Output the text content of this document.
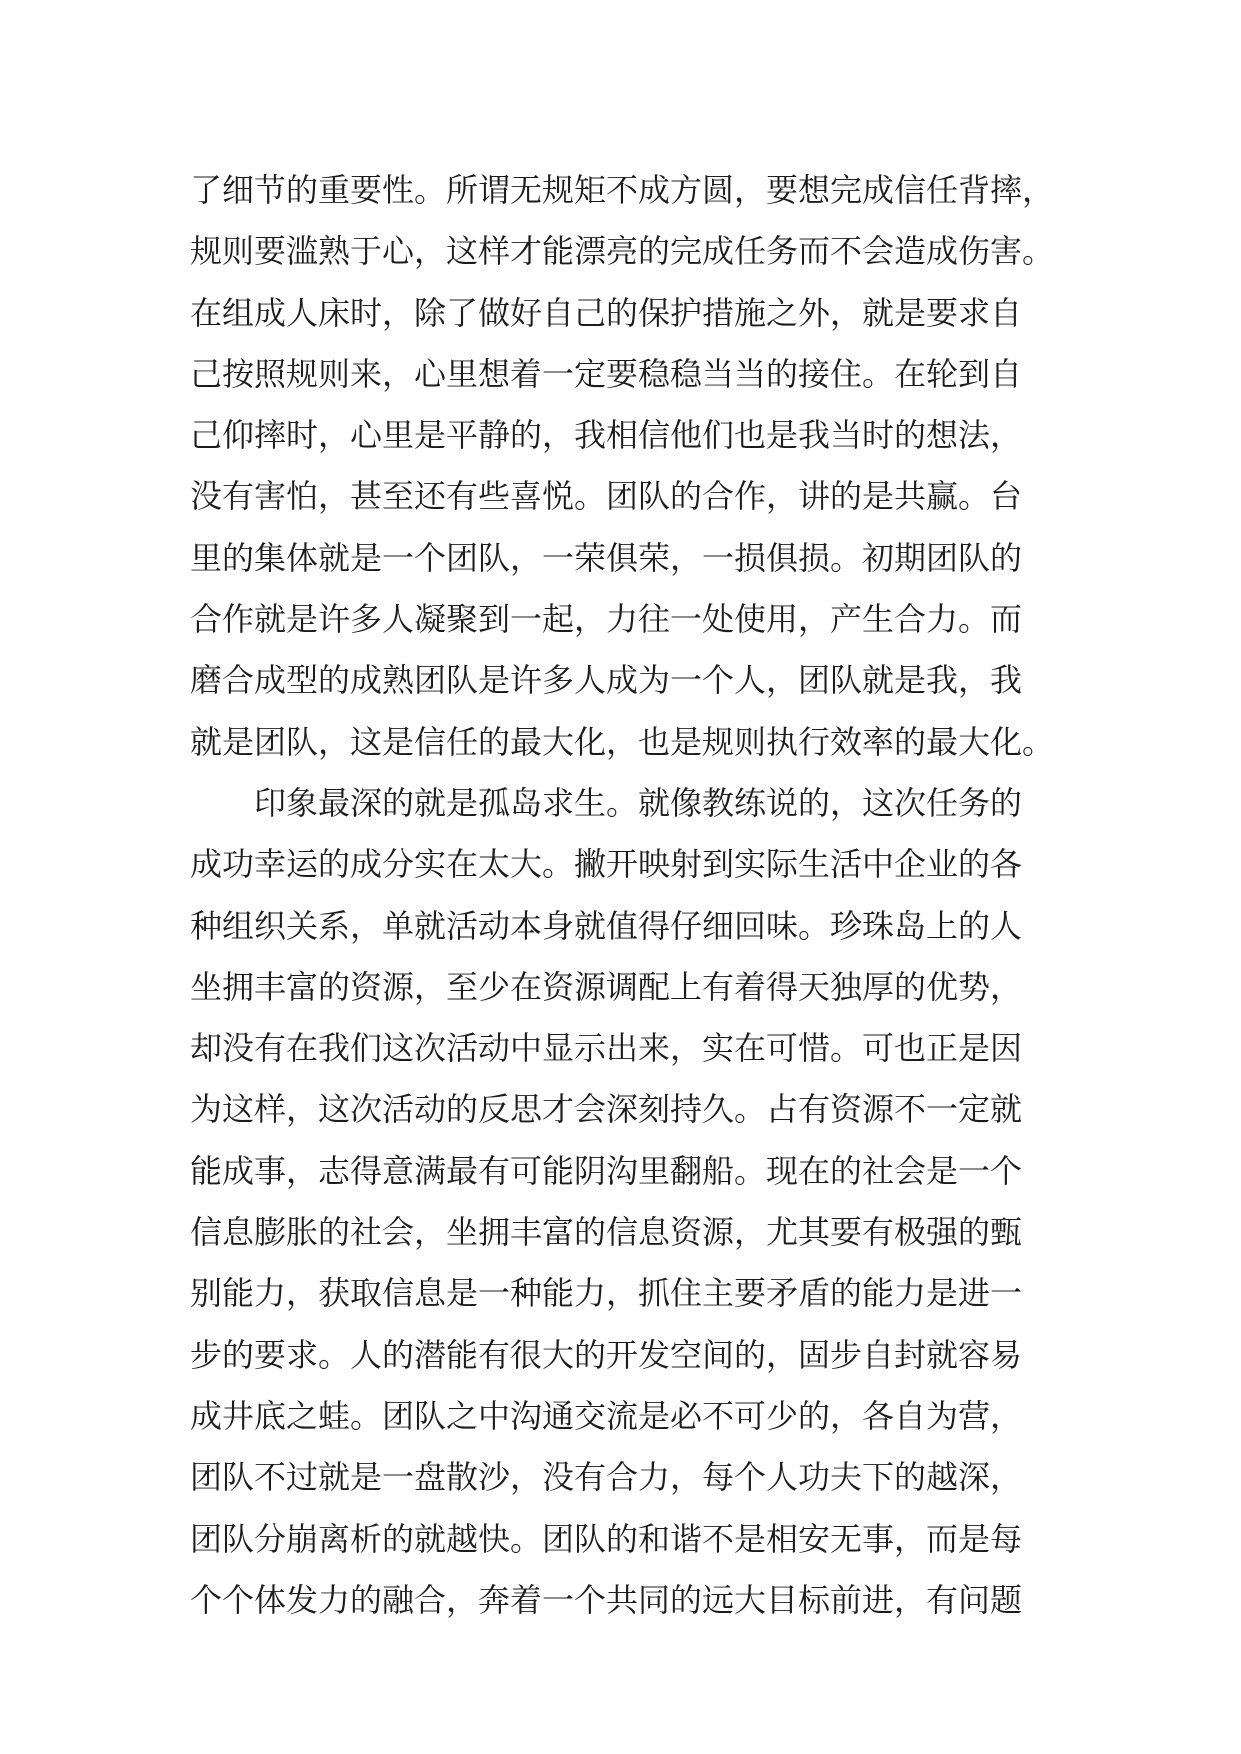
了细节的重要性。所谓无规矩不成方圆，要想完成信任背摔，
规则要滥熟于心，这样才能漂亮的完成任务而不会造成伤害。
在组成人床时，除了做好自己的保护措施之外，就是要求自
己按照规则来，心里想着一定要稳稳当当的接住。在轮到自
己仰摔时，心里是平静的，我相信他们也是我当时的想法，
没有害怕，甚至还有些喜悦。团队的合作，讲的是共赢。台
里的集体就是一个团队，一荣俱荣，一损俱损。初期团队的
合作就是许多人凝聚到一起，力往一处使用，产生合力。而
磨合成型的成熟团队是许多人成为一个人，团队就是我，我
就是团队，这是信任的最大化，也是规则执行效率的最大化。
印象最深的就是孤岛求生。就像教练说的，这次任务的
成功幸运的成分实在太大。撇开映射到实际生活中企业的各
种组织关系，单就活动本身就值得仔细回味。珍珠岛上的人
坐拥丰富的资源，至少在资源调配上有着得天独厚的优势，
却没有在我们这次活动中显示出来，实在可惜。可也正是因
为这样，这次活动的反思才会深刻持久。占有资源不一定就
能成事，志得意满最有可能阴沟里翻船。现在的社会是一个
信息膨胀的社会，坐拥丰富的信息资源，尤其要有极强的甄
别能力，获取信息是一种能力，抓住主要矛盾的能力是进一
步的要求。人的潜能有很大的开发空间的，固步自封就容易
成井底之蛙。团队之中沟通交流是必不可少的，各自为营，
团队不过就是一盘散沙，没有合力，每个人功夫下的越深，
团队分崩离析的就越快。团队的和谐不是相安无事，而是每
个个体发力的融合，奔着一个共同的远大目标前进，有问题
